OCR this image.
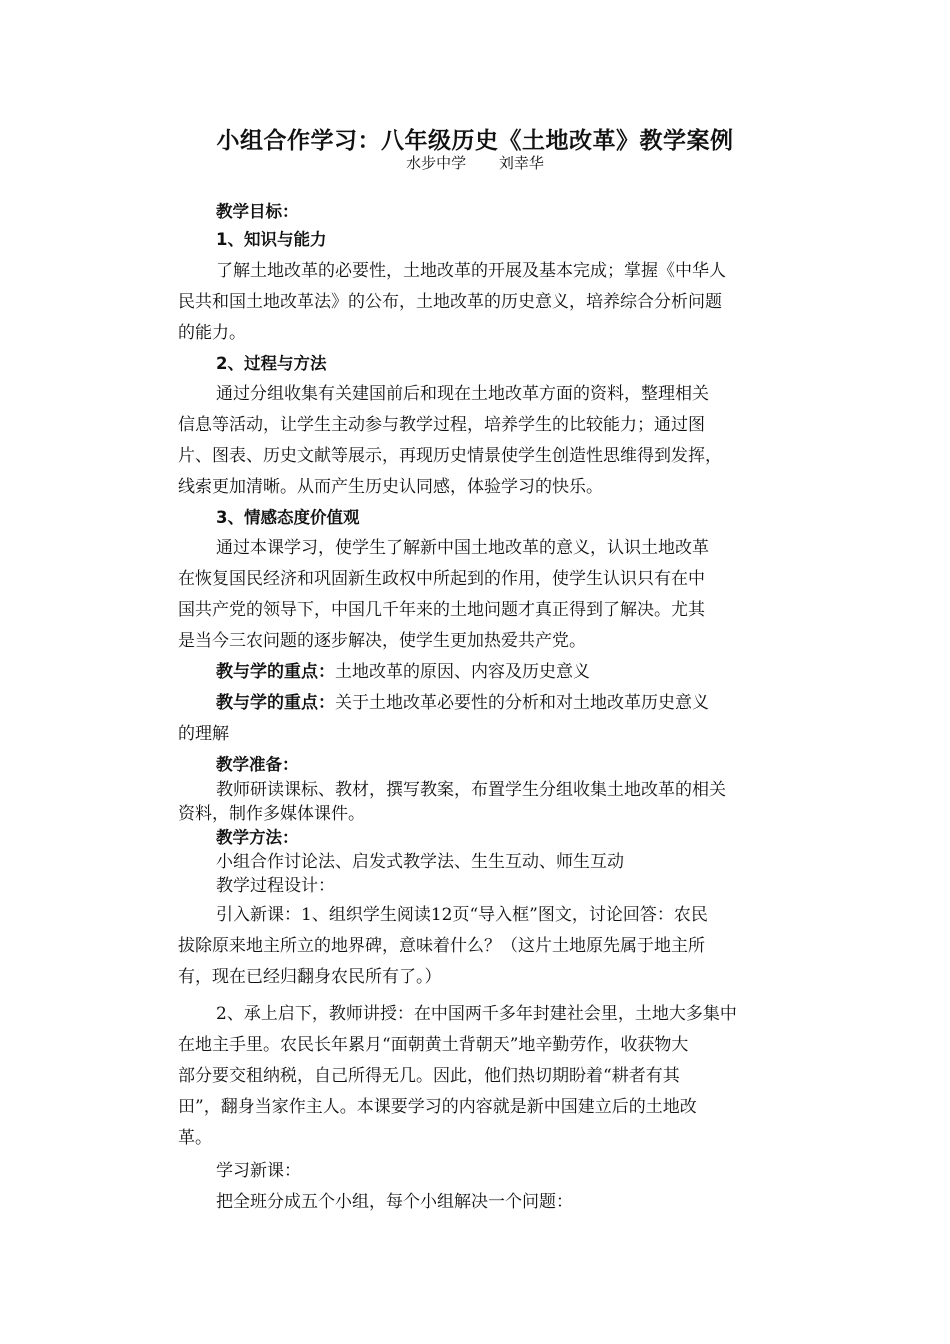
小组合作学习：八年级历史《土地改革》教学案例
水步中学 刘幸华
教学目标：
1、知识与能力
了解土地改革的必要性，土地改革的开展及基本完成；掌握《中华人
民共和国土地改革法》的公布，土地改革的历史意义，培养综合分析问题
的能力。
2、过程与方法
通过分组收集有关建国前后和现在土地改革方面的资料，整理相关
信息等活动，让学生主动参与教学过程，培养学生的比较能力；通过图
片、图表、历史文献等展示，再现历史情景使学生创造性思维得到发挥，
线索更加清晰。从而产生历史认同感，体验学习的快乐。
3、情感态度价值观
通过本课学习，使学生了解新中国土地改革的意义，认识土地改革
在恢复国民经济和巩固新生政权中所起到的作用，使学生认识只有在中
国共产党的领导下，中国几千年来的土地问题才真正得到了解决。尤其
是当今三农问题的逐步解决，使学生更加热爱共产党。
教与学的重点：土地改革的原因、内容及历史意义
教与学的重点：关于土地改革必要性的分析和对土地改革历史意义
的理解
教学准备：
教师研读课标、教材，撰写教案，布置学生分组收集土地改革的相关
资料，制作多媒体课件。
教学方法：
小组合作讨论法、启发式教学法、生生互动、师生互动
教学过程设计：
引入新课：1、组织学生阅读12页“导入框”图文，讨论回答：农民
拔除原来地主所立的地界碑，意味着什么？（这片土地原先属于地主所
有，现在已经归翻身农民所有了。）
2、承上启下，教师讲授：在中国两千多年封建社会里，土地大多集中
在地主手里。农民长年累月“面朝黄土背朝天”地辛勤劳作，收获物大
部分要交租纳税，自己所得无几。因此，他们热切期盼着“耕者有其
田”，翻身当家作主人。本课要学习的内容就是新中国建立后的土地改
革。
学习新课：
把全班分成五个小组，每个小组解决一个问题：
